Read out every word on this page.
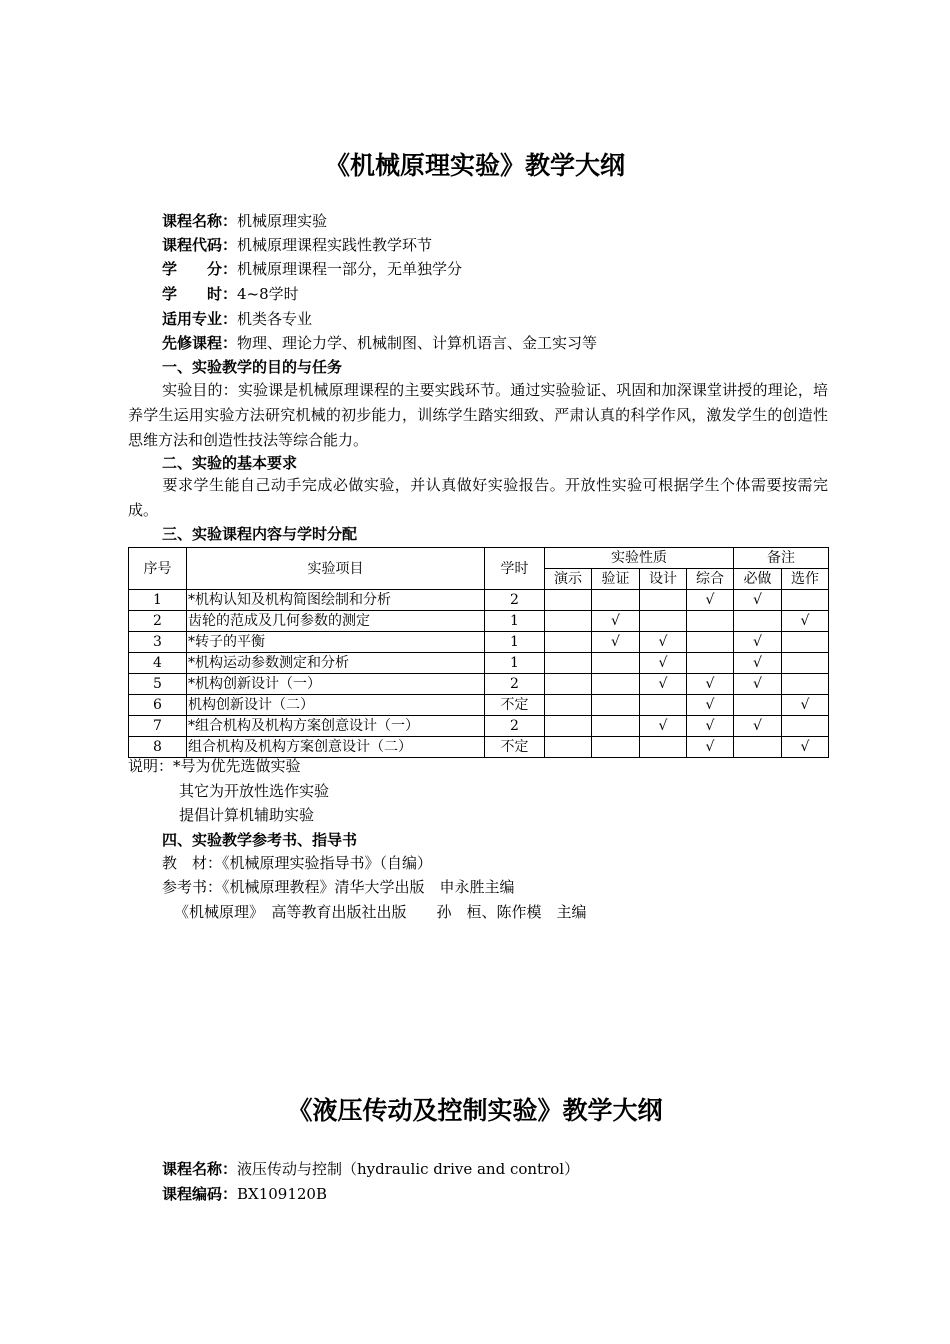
《机械原理实验》教学大纲
课程名称：机械原理实验
课程代码：机械原理课程实践性教学环节
学　　分：机械原理课程一部分，无单独学分
学　　时：4~8学时
适用专业：机类各专业
先修课程：物理、理论力学、机械制图、计算机语言、金工实习等
一、实验教学的目的与任务
实验目的：实验课是机械原理课程的主要实践环节。通过实验验证、巩固和加深课堂讲授的理论，培养学生运用实验方法研究机械的初步能力，训练学生踏实细致、严肃认真的科学作风，激发学生的创造性思维方法和创造性技法等综合能力。
二、实验的基本要求
要求学生能自己动手完成必做实验，并认真做好实验报告。开放性实验可根据学生个体需要按需完成。
三、实验课程内容与学时分配
序号	实验项目	学时	实验性质				备注	
			演示	验证	设计	综合	必做	选作
1	*机构认知及机构简图绘制和分析	2				√	√	
2	齿轮的范成及几何参数的测定	1		√				√
3	*转子的平衡	1		√	√		√	
4	*机构运动参数测定和分析	1			√		√	
5	*机构创新设计（一）	2			√	√	√	
6	机构创新设计（二）	不定				√		√
7	*组合机构及机构方案创意设计（一）	2			√	√	√	
8	组合机构及机构方案创意设计（二）	不定				√		√
说明：*号为优先选做实验
其它为开放性选作实验
提倡计算机辅助实验
四、实验教学参考书、指导书
教　材：《机械原理实验指导书》（自编）
参考书：《机械原理教程》清华大学出版　申永胜主编
《机械原理》　高等教育出版社出版　　孙　桓、陈作模　主编
《液压传动及控制实验》教学大纲
课程名称：液压传动与控制（hydraulic drive and control）
课程编码：BX109120B
